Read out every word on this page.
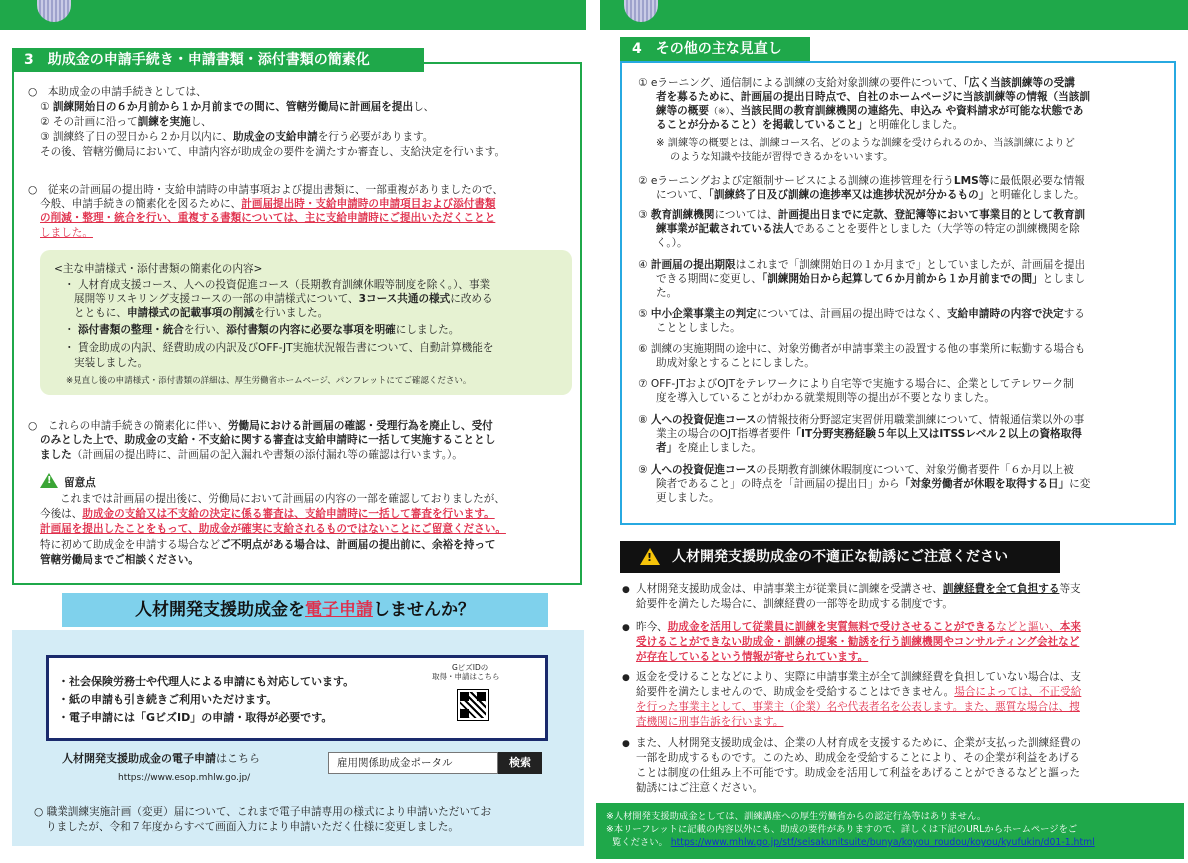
3　助成金の申請手続き・申請書類・添付書類の簡素化
○　本助成金の申請手続きとしては、
① 訓練開始日の６か月前から１か月前までの間に、管轄労働局に計画届を提出し、
② その計画に沿って訓練を実施し、
③ 訓練終了日の翌日から２か月以内に、助成金の支給申請を行う必要があります。
その後、管轄労働局において、申請内容が助成金の要件を満たすか審査し、支給決定を行います。
○　従来の計画届の提出時・支給申請時の申請事項および提出書類に、一部重複がありましたので、
今般、申請手続きの簡素化を図るために、計画届提出時・支給申請時の申請項目および添付書類
の削減・整理・統合を行い、重複する書類については、主に支給申請時にご提出いただくことと
しました。
<主な申請様式・添付書類の簡素化の内容>
・ 人材育成支援コース、人への投資促進コース（長期教育訓練休暇等制度を除く。）、事業
展開等リスキリング支援コースの一部の申請様式について、3コース共通の様式に改める
とともに、申請様式の記載事項の削減を行いました。
・ 添付書類の整理・統合を行い、添付書類の内容に必要な事項を明確にしました。
・ 賃金助成の内訳、経費助成の内訳及びOFF-JT実施状況報告書について、自動計算機能を
実装しました。
※見直し後の申請様式・添付書類の詳細は、厚生労働省ホームページ、パンフレットにてご確認ください。
○　これらの申請手続きの簡素化に伴い、労働局における計画届の確認・受理行為を廃止し、受付
のみとした上で、助成金の支給・不支給に関する審査は支給申請時に一括して実施することとし
ました（計画届の提出時に、計画届の記入漏れや書類の添付漏れ等の確認は行います。）。
! 留意点
これまでは計画届の提出後に、労働局において計画届の内容の一部を確認しておりましたが、
今後は、助成金の支給又は不支給の決定に係る審査は、支給申請時に一括して審査を行います。
計画届を提出したことをもって、助成金が確実に支給されるものではないことにご留意ください。
特に初めて助成金を申請する場合などご不明点がある場合は、計画届の提出前に、余裕を持って
管轄労働局までご相談ください。
人材開発支援助成金を電子申請しませんか？
・社会保険労務士や代理人による申請にも対応しています。
・紙の申請も引き続きご利用いただけます。
・電子申請には「GビズID」の申請・取得が必要です。
GビズIDの
取得・申請はこちら
人材開発支援助成金の電子申請はこちら
https://www.esop.mhlw.go.jp/
雇用関係助成金ポータル	検索
○ 職業訓練実施計画（変更）届について、これまで電子申請専用の様式により申請いただいてお
りましたが、令和７年度からすべて画面入力により申請いただく仕様に変更しました。
4　その他の主な見直し
① eラーニング、通信制による訓練の支給対象訓練の要件について、「広く当該訓練等の受講
者を募るために、計画届の提出日時点で、自社のホームページに当該訓練等の情報（当該訓
練等の概要（※）、当該民間の教育訓練機関の連絡先、申込み や資料請求が可能な状態であ
ることが分かること）を掲載していること」と明確化しました。
※ 訓練等の概要とは、訓練コース名、どのような訓練を受けられるのか、当該訓練によりど
のような知識や技能が習得できるかをいいます。
② eラーニングおよび定額制サービスによる訓練の進捗管理を行うLMS等に最低限必要な情報
について、「訓練終了日及び訓練の進捗率又は進捗状況が分かるもの」と明確化しました。
③ 教育訓練機関については、計画提出日までに定款、登記簿等において事業目的として教育訓
練事業が記載されている法人であることを要件としました（大学等の特定の訓練機関を除
く。）。
④ 計画届の提出期限はこれまで「訓練開始日の１か月まで」としていましたが、計画届を提出
できる期間に変更し、「訓練開始日から起算して６か月前から１か月前までの間」としまし
た。
⑤ 中小企業事業主の判定については、計画届の提出時ではなく、支給申請時の内容で決定する
こととしました。
⑥ 訓練の実施期間の途中に、対象労働者が申請事業主の設置する他の事業所に転勤する場合も
助成対象とすることにしました。
⑦ OFF-JTおよびOJTをテレワークにより自宅等で実施する場合に、企業としてテレワーク制
度を導入していることがわかる就業規則等の提出が不要となりました。
⑧ 人への投資促進コースの情報技術分野認定実習併用職業訓練について、情報通信業以外の事
業主の場合のOJT指導者要件「IT分野実務経験５年以上又はITSSレベル２以上の資格取得
者」を廃止しました。
⑨ 人への投資促進コースの長期教育訓練休暇制度について、対象労働者要件「６か月以上被
険者であること」の時点を「計画届の提出日」から「対象労働者が休暇を取得する日」に変
更しました。
! 人材開発支援助成金の不適正な勧誘にご注意ください
● 人材開発支援助成金は、申請事業主が従業員に訓練を受講させ、訓練経費を全て負担する等支
給要件を満たした場合に、訓練経費の一部等を助成する制度です。
● 昨今、助成金を活用して従業員に訓練を実質無料で受けさせることができるなどと謳い、本来
受けることができない助成金・訓練の提案・勧誘を行う訓練機関やコンサルティング会社など
が存在しているという情報が寄せられています。
● 返金を受けることなどにより、実際に申請事業主が全て訓練経費を負担していない場合は、支
給要件を満たしませんので、助成金を受給することはできません。場合によっては、不正受給
を行った事業主として、事業主（企業）名や代表者名を公表します。また、悪質な場合は、捜
査機関に刑事告訴を行います。
● また、人材開発支援助成金は、企業の人材育成を支援するために、企業が支払った訓練経費の
一部を助成するものです。このため、助成金を受給することにより、その企業が利益をあげる
ことは制度の仕組み上不可能です。助成金を活用して利益をあげることができるなどと謳った
勧誘にはご注意ください。
※人材開発支援助成金としては、訓練講座への厚生労働省からの認定行為等はありません。
※本リーフレットに記載の内容以外にも、助成の要件がありますので、詳しくは下記のURLからホームページをご
覧ください。 https://www.mhlw.go.jp/stf/seisakunitsuite/bunya/koyou_roudou/koyou/kyufukin/d01-1.html
